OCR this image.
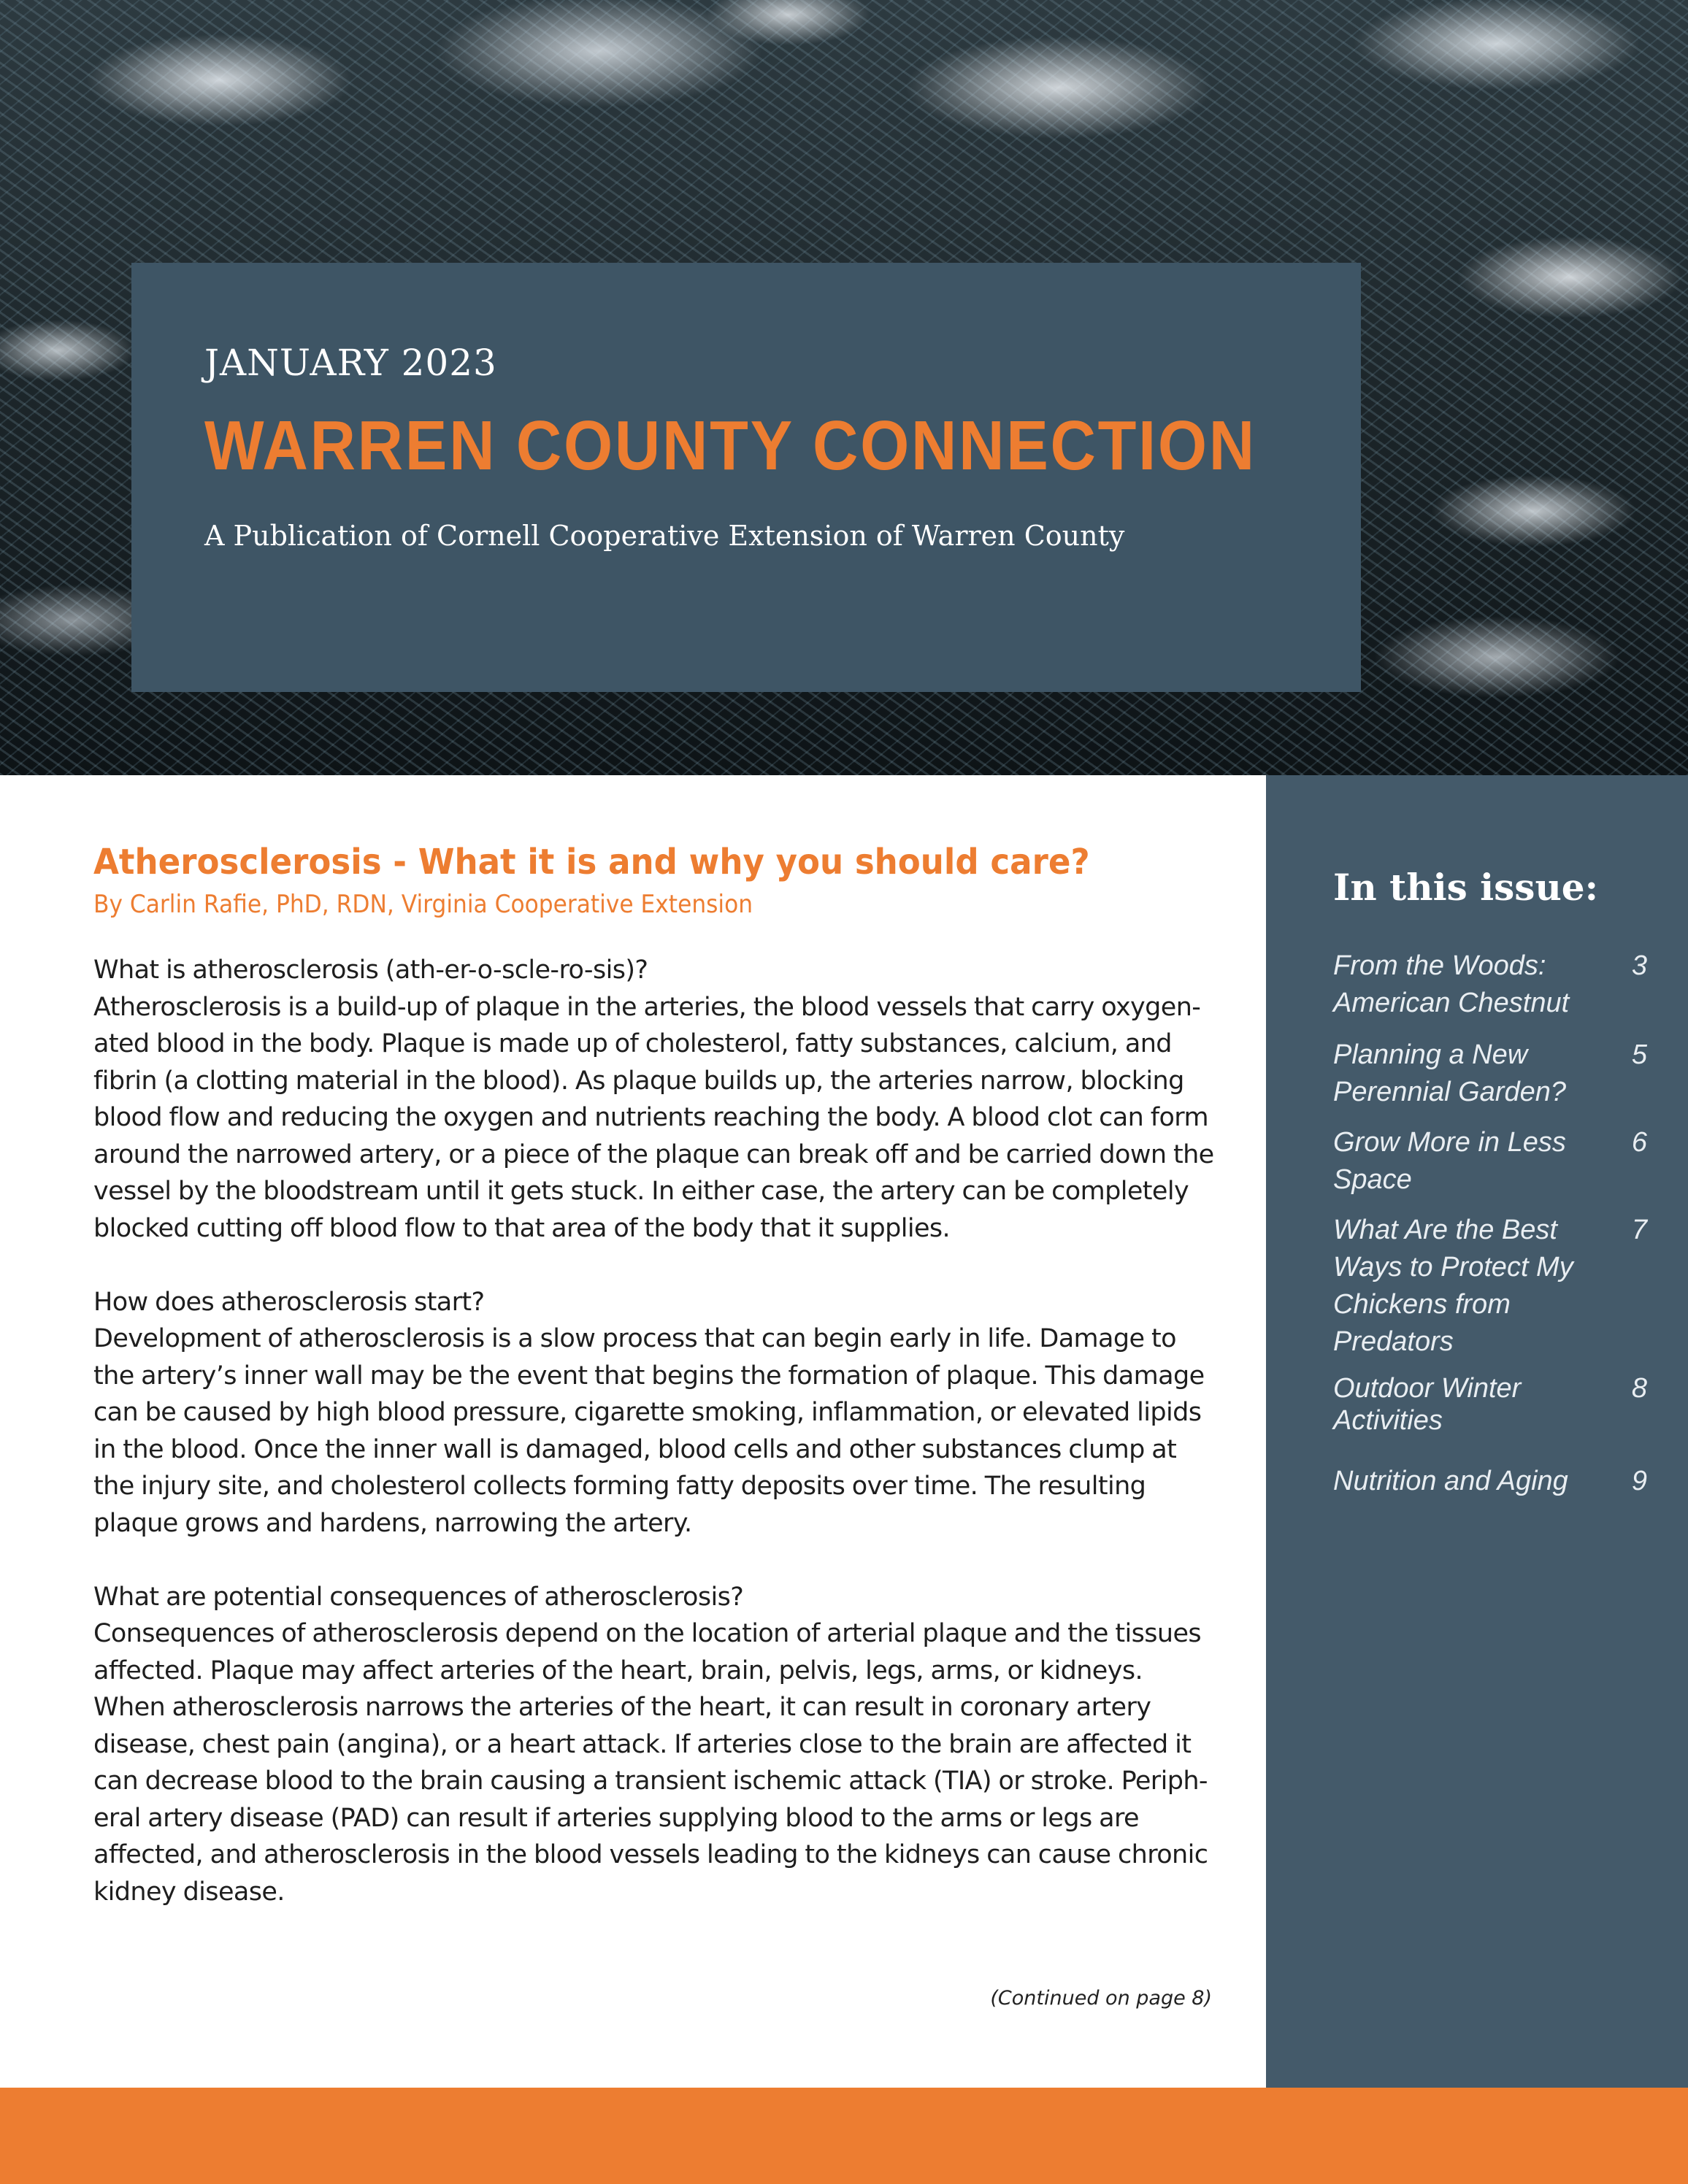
JANUARY 2023
WARREN COUNTY CONNECTION
A Publication of Cornell Cooperative Extension of Warren County
Atherosclerosis - What it is and why you should care?

By Carlin Rafie, PhD, RDN, Virginia Cooperative Extension

What is atherosclerosis (ath-er-o-scle-ro-sis)?

Atherosclerosis is a build-up of plaque in the arteries, the blood vessels that carry oxygen-ated blood in the body. Plaque is made up of cholesterol, fatty substances, calcium, and fibrin (a clotting material in the blood). As plaque builds up, the arteries narrow, blocking blood flow and reducing the oxygen and nutrients reaching the body. A blood clot can form around the narrowed artery, or a piece of the plaque can break off and be carried down the vessel by the bloodstream until it gets stuck. In either case, the artery can be completely blocked cutting off blood flow to that area of the body that it supplies.

How does atherosclerosis start?

Development of atherosclerosis is a slow process that can begin early in life. Damage to the artery’s inner wall may be the event that begins the formation of plaque. This damage can be caused by high blood pressure, cigarette smoking, inflammation, or elevated lipids in the blood. Once the inner wall is damaged, blood cells and other substances clump at the injury site, and cholesterol collects forming fatty deposits over time. The resulting plaque grows and hardens, narrowing the artery.

What are potential consequences of atherosclerosis?

Consequences of atherosclerosis depend on the location of arterial plaque and the tissues affected. Plaque may affect arteries of the heart, brain, pelvis, legs, arms, or kidneys. When atherosclerosis narrows the arteries of the heart, it can result in coronary artery disease, chest pain (angina), or a heart attack. If arteries close to the brain are affected it can decrease blood to the brain causing a transient ischemic attack (TIA) or stroke. Periph-eral artery disease (PAD) can result if arteries supplying blood to the arms or legs are affected, and atherosclerosis in the blood vessels leading to the kidneys can cause chronic kidney disease.

(Continued on page 8)
In this issue:
From the Woods: American Chestnut
3
Planning a New Perennial Garden?
5
Grow More in Less Space
6
What Are the Best Ways to Protect My Chickens from Predators
7
Outdoor Winter Activities
8
Nutrition and Aging	9
